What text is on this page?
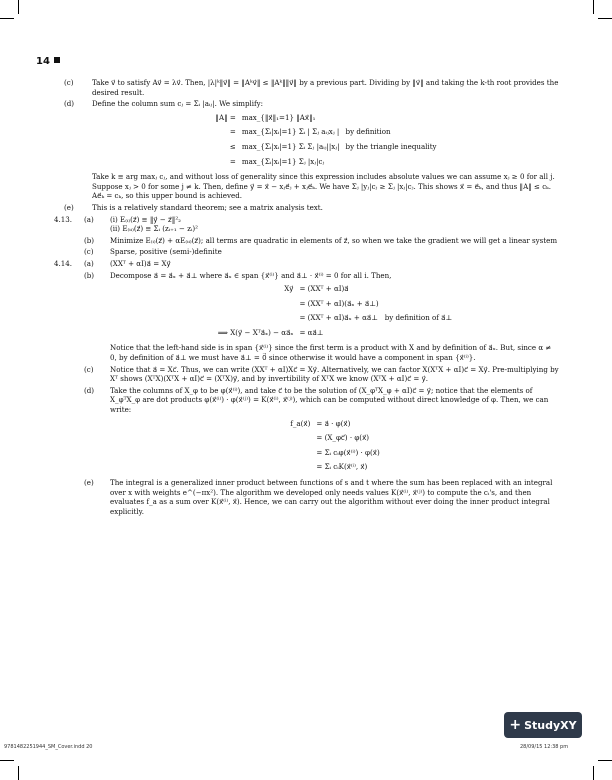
14
(c)	Take v⃗ to satisfy Av⃗ = λv⃗. Then, |λ|ᵏ‖v⃗‖ = ‖Aᵏv⃗‖ ≤ ‖Aᵏ‖‖v⃗‖ by a previous part. Dividing by ‖v⃗‖ and taking the k-th root provides the desired result.
(d)	Define the column sum cⱼ = Σᵢ |aᵢⱼ|. We simplify:
‖A‖ = max_{‖x⃗‖₁=1} ‖Ax⃗‖₁
= max_{Σᵢ|xᵢ|=1} Σᵢ | Σⱼ aᵢⱼxⱼ | by definition
≤ max_{Σᵢ|xᵢ|=1} Σᵢ Σⱼ |aᵢⱼ||xⱼ| by the triangle inequality
= max_{Σᵢ|xᵢ|=1} Σⱼ |xⱼ|cⱼ
Take k ≡ arg maxⱼ cⱼ, and without loss of generality since this expression includes absolute values we can assume xⱼ ≥ 0 for all j. Suppose xⱼ > 0 for some j ≠ k. Then, define y⃗ = x⃗ − xⱼe⃗ⱼ + xⱼe⃗ₖ. We have Σⱼ |yⱼ|cⱼ ≥ Σⱼ |xⱼ|cⱼ. This shows x⃗ = e⃗ₖ, and thus ‖A‖ ≤ cₖ. Ae⃗ₖ = cₖ, so this upper bound is achieved.
(e)	This is a relatively standard theorem; see a matrix analysis text.
4.13. (a) (i) E₍ᵢ₎(z⃗) ≡ ‖y⃗ − z⃗‖²₂
(ii) E₍ᵢᵢ₎(z⃗) ≡ Σᵢ (zᵢ₊₁ − zᵢ)²
(b) Minimize E₍ᵢ₎(z⃗) + αE₍ᵢᵢ₎(z⃗); all terms are quadratic in elements of z⃗, so when we take the gradient we will get a linear system
(c) Sparse, positive (semi-)definite
4.14. (a) (XXᵀ + αI)a⃗ = Xy⃗
(b) Decompose a⃗ = a⃗ₓ + a⃗⊥ where a⃗ₓ ∈ span {x⃗⁽ⁱ⁾} and a⃗⊥ · x⃗⁽ⁱ⁾ = 0 for all i. Then,
Xy⃗ = (XXᵀ + αI)a⃗
= (XXᵀ + αI)(a⃗ₓ + a⃗⊥)
= (XXᵀ + αI)a⃗ₓ + αa⃗⊥ by definition of a⃗⊥
⟹ X(y⃗ − Xᵀa⃗ₓ) − αa⃗ₓ = αa⃗⊥
Notice that the left-hand side is in span {x⃗⁽ⁱ⁾} since the first term is a product with X and by definition of a⃗ₓ. But, since α ≠ 0, by definition of a⃗⊥ we must have a⃗⊥ = 0⃗ since otherwise it would have a component in span {x⃗⁽ⁱ⁾}.
(c) Notice that a⃗ = Xc⃗. Thus, we can write (XXᵀ + αI)Xc⃗ = Xy⃗. Alternatively, we can factor X(XᵀX + αI)c⃗ = Xy⃗. Pre-multiplying by Xᵀ shows (XᵀX)(XᵀX + αI)c⃗ = (XᵀX)y⃗, and by invertibility of XᵀX we know (XᵀX + αI)c⃗ = y⃗.
(d) Take the columns of X_φ to be φ(x⃗⁽ⁱ⁾), and take c⃗ to be the solution of (X_φᵀX_φ + αI)c⃗ = y⃗; notice that the elements of X_φᵀX_φ are dot products φ(x⃗⁽ⁱ⁾) · φ(x⃗⁽ʲ⁾) = K(x⃗⁽ⁱ⁾, x⃗⁽ʲ⁾), which can be computed without direct knowledge of φ. Then, we can write:
f_a(x⃗) = a⃗ · φ(x⃗)
= (X_φc⃗) · φ(x⃗)
= Σᵢ cᵢφ(x⃗⁽ⁱ⁾) · φ(x⃗)
= Σᵢ cᵢK(x⃗⁽ⁱ⁾, x⃗)
(e) The integral is a generalized inner product between functions of s and t where the sum has been replaced with an integral over x with weights e^(−πx²). The algorithm we developed only needs values K(x⃗⁽ⁱ⁾, x⃗⁽ʲ⁾) to compute the cᵢ's, and then evaluates f_a as a sum over K(x⃗⁽ⁱ⁾, x⃗). Hence, we can carry out the algorithm without ever doing the inner product integral explicitly.
+ StudyXY
9781482251944_SM_Cover.indd 20	28/09/15 12:38 pm
